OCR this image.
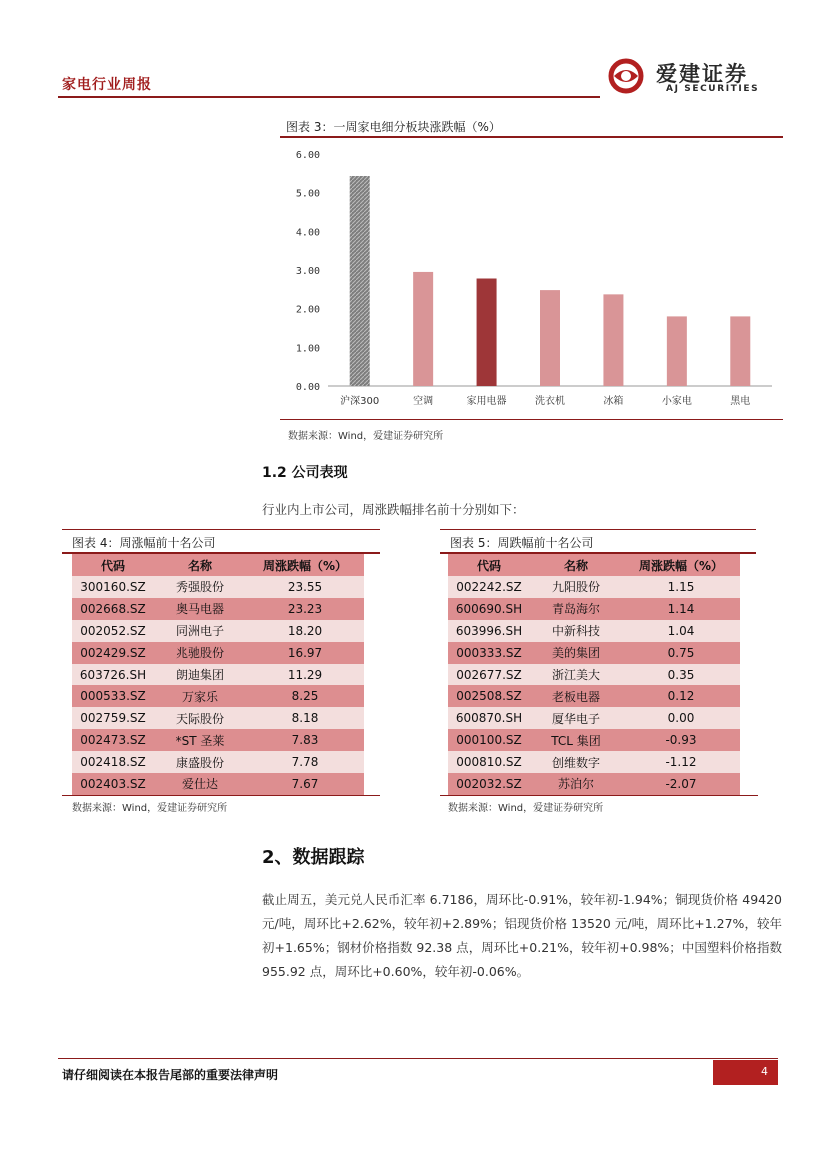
家电行业周报	爱建证券
AJ SECURITIES
图表 3：一周家电细分板块涨跌幅（%）
0.00
1.00
2.00
3.00
4.00
5.00
6.00
沪深300	空调	家用电器	洗衣机	冰箱	小家电	黑电
数据来源：Wind，爱建证券研究所
1.2 公司表现
行业内上市公司，周涨跌幅排名前十分别如下：
图表 4：周涨幅前十名公司
代码	名称	周涨跌幅（%）
300160.SZ	秀强股份	23.55
002668.SZ	奥马电器	23.23
002052.SZ	同洲电子	18.20
002429.SZ	兆驰股份	16.97
603726.SH	朗迪集团	11.29
000533.SZ	万家乐	8.25
002759.SZ	天际股份	8.18
002473.SZ	*ST 圣莱	7.83
002418.SZ	康盛股份	7.78
002403.SZ	爱仕达	7.67
数据来源：Wind，爱建证券研究所
图表 5：周跌幅前十名公司
代码	名称	周涨跌幅（%）
002242.SZ	九阳股份	1.15
600690.SH	青岛海尔	1.14
603996.SH	中新科技	1.04
000333.SZ	美的集团	0.75
002677.SZ	浙江美大	0.35
002508.SZ	老板电器	0.12
600870.SH	厦华电子	0.00
000100.SZ	TCL 集团	-0.93
000810.SZ	创维数字	-1.12
002032.SZ	苏泊尔	-2.07
数据来源：Wind，爱建证券研究所
2、数据跟踪
截止周五，美元兑人民币汇率 6.7186，周环比-0.91%，较年初-1.94%；铜现货价格 49420 元/吨，周环比+2.62%，较年初+2.89%；铝现货价格 13520 元/吨，周环比+1.27%，较年初+1.65%；钢材价格指数 92.38 点，周环比+0.21%，较年初+0.98%；中国塑料价格指数 955.92 点，周环比+0.60%，较年初-0.06%。
请仔细阅读在本报告尾部的重要法律声明	4
